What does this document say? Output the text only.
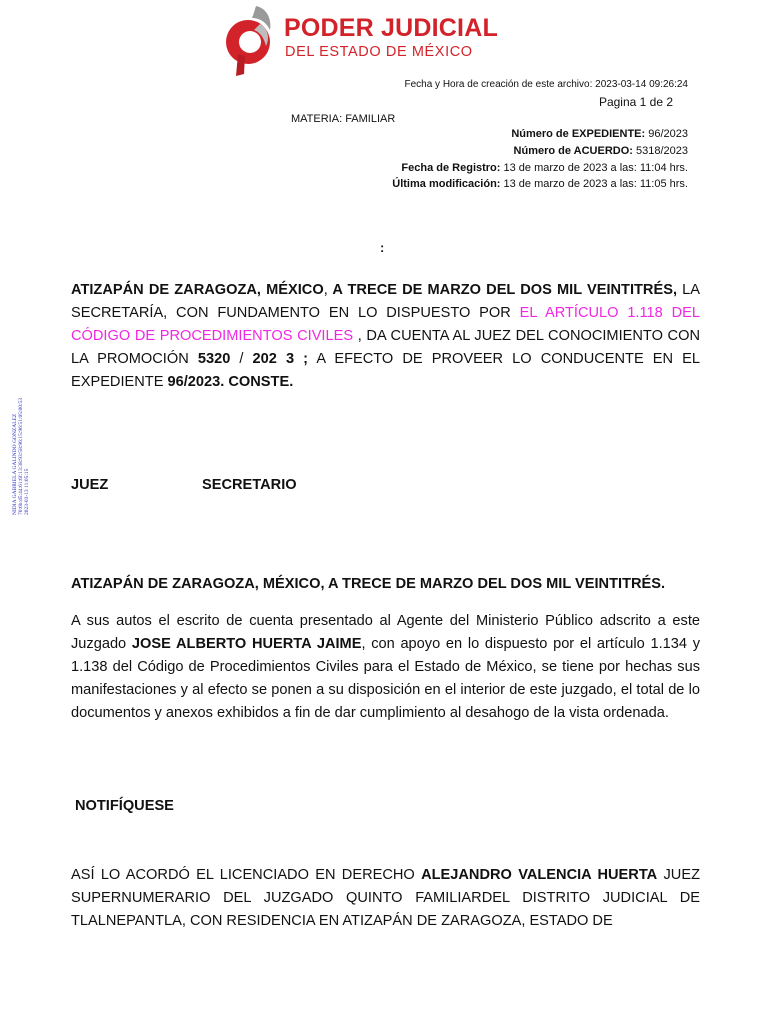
PODER JUDICIAL
DEL ESTADO DE MÉXICO
Fecha y Hora de creación de este archivo: 2023-03-14 09:26:24
Pagina 1 de 2
MATERIA: FAMILIAR
Número de EXPEDIENTE: 96/2023
Número de ACUERDO: 5318/2023
Fecha de Registro: 13 de marzo de 2023 a las: 11:04 hrs.
Última modificación: 13 de marzo de 2023 a las: 11:05 hrs.
:
NIDIA GABRIELA GALINDO GONZALEZ 70:6b:d5:44:61:6f:13:38:93:58:96:15:96:51:05:00:53 2023-03-13 11:05:15
ATIZAPÁN DE ZARAGOZA, MÉXICO, A TRECE DE MARZO DEL DOS MIL VEINTITRÉS, LA SECRETARÍA, CON FUNDAMENTO EN LO DISPUESTO POR EL ARTÍCULO 1.118 DEL CÓDIGO DE PROCEDIMIENTOS CIVILES , DA CUENTA AL JUEZ DEL CONOCIMIENTO CON LA PROMOCIÓN 5320 / 202 3 ; A EFECTO DE PROVEER LO CONDUCENTE EN EL EXPEDIENTE 96/2023. CONSTE.
JUEZ	SECRETARIO
ATIZAPÁN DE ZARAGOZA, MÉXICO, A TRECE DE MARZO DEL DOS MIL VEINTITRÉS.
A sus autos el escrito de cuenta presentado al Agente del Ministerio Público adscrito a este Juzgado JOSE ALBERTO HUERTA JAIME, con apoyo en lo dispuesto por el artículo 1.134 y 1.138 del Código de Procedimientos Civiles para el Estado de México, se tiene por hechas sus manifestaciones y al efecto se ponen a su disposición en el interior de este juzgado, el total de lo documentos y anexos exhibidos a fin de dar cumplimiento al desahogo de la vista ordenada.
NOTIFÍQUESE
ASÍ LO ACORDÓ EL LICENCIADO EN DERECHO ALEJANDRO VALENCIA HUERTA JUEZ SUPERNUMERARIO DEL JUZGADO QUINTO FAMILIARDEL DISTRITO JUDICIAL DE TLALNEPANTLA, CON RESIDENCIA EN ATIZAPÁN DE ZARAGOZA, ESTADO DE
